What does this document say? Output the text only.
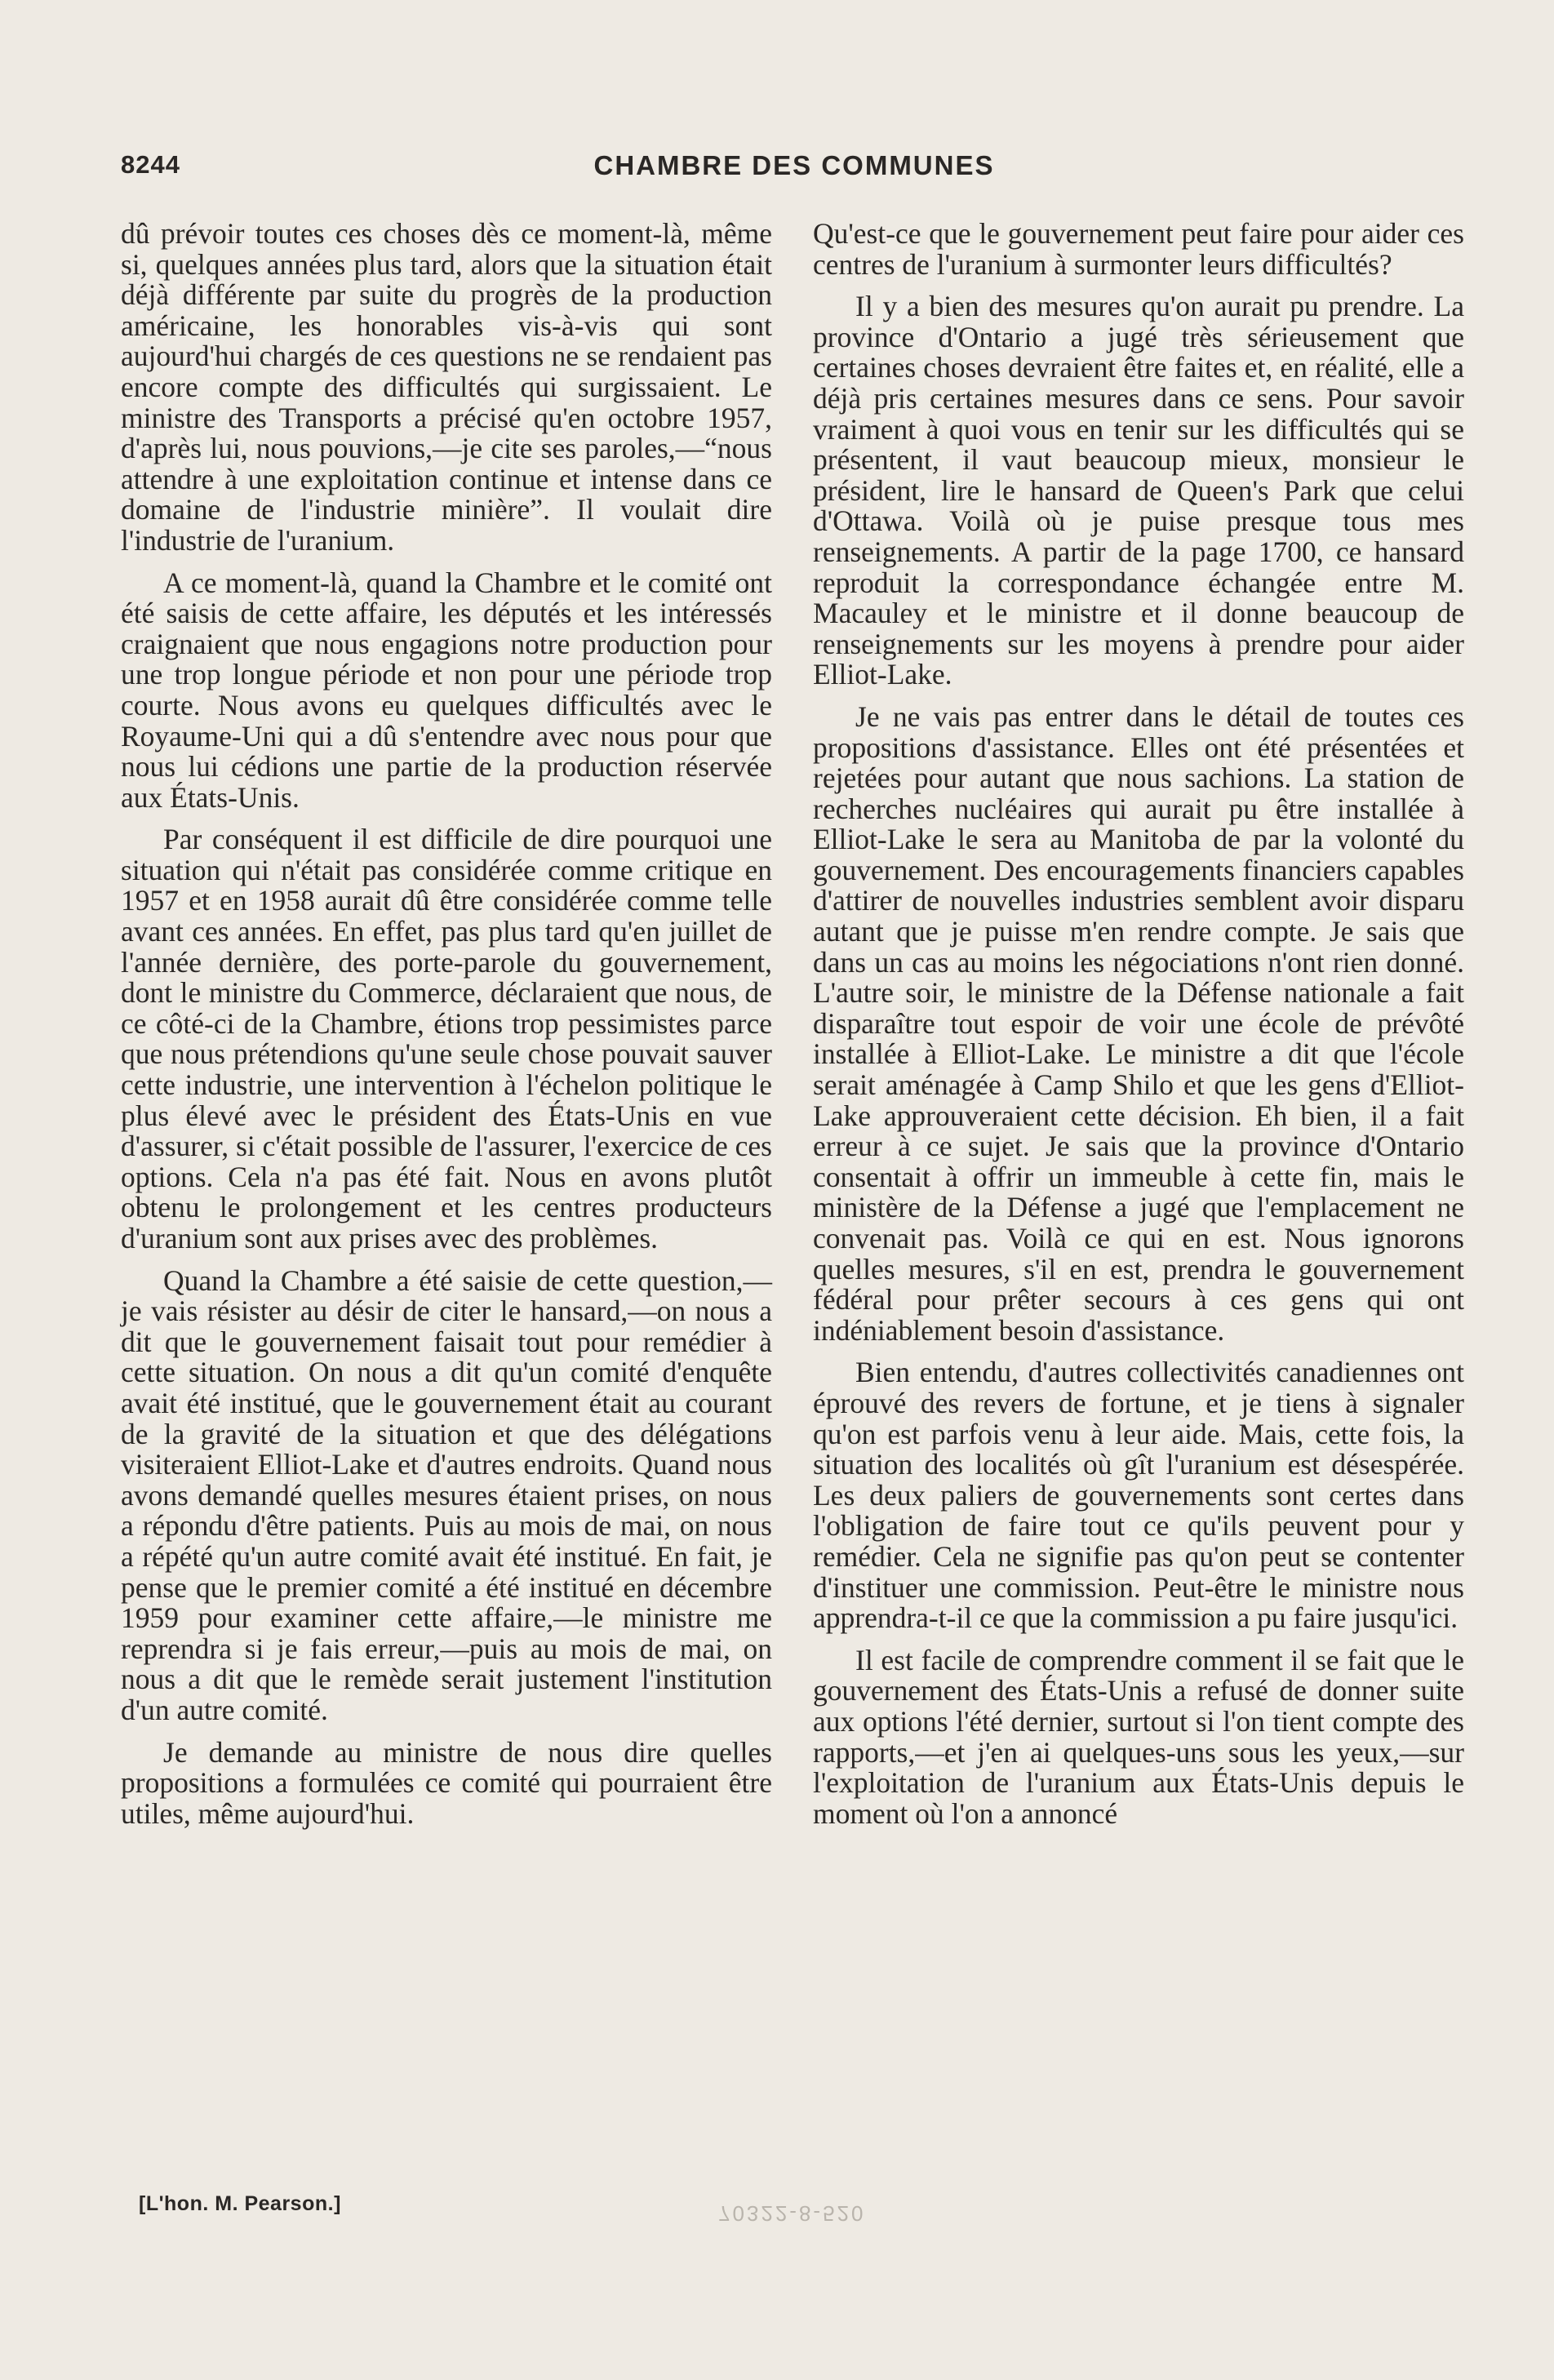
8244	CHAMBRE DES COMMUNES

dû prévoir toutes ces choses dès ce moment-là, même si, quelques années plus tard, alors que la situation était déjà différente par suite du progrès de la production américaine, les honorables vis-à-vis qui sont aujourd'hui chargés de ces questions ne se rendaient pas encore compte des difficultés qui surgissaient. Le ministre des Transports a précisé qu'en octobre 1957, d'après lui, nous pouvions,—je cite ses paroles,—“nous attendre à une exploitation continue et intense dans ce domaine de l'industrie minière”. Il voulait dire l'industrie de l'uranium.

A ce moment-là, quand la Chambre et le comité ont été saisis de cette affaire, les députés et les intéressés craignaient que nous engagions notre production pour une trop longue période et non pour une période trop courte. Nous avons eu quelques difficultés avec le Royaume-Uni qui a dû s'entendre avec nous pour que nous lui cédions une partie de la production réservée aux États-Unis.

Par conséquent il est difficile de dire pourquoi une situation qui n'était pas considérée comme critique en 1957 et en 1958 aurait dû être considérée comme telle avant ces années. En effet, pas plus tard qu'en juillet de l'année dernière, des porte-parole du gouvernement, dont le ministre du Commerce, déclaraient que nous, de ce côté-ci de la Chambre, étions trop pessimistes parce que nous prétendions qu'une seule chose pouvait sauver cette industrie, une intervention à l'échelon politique le plus élevé avec le président des États-Unis en vue d'assurer, si c'était possible de l'assurer, l'exercice de ces options. Cela n'a pas été fait. Nous en avons plutôt obtenu le prolongement et les centres producteurs d'uranium sont aux prises avec des problèmes.

Quand la Chambre a été saisie de cette question,—je vais résister au désir de citer le hansard,—on nous a dit que le gouvernement faisait tout pour remédier à cette situation. On nous a dit qu'un comité d'enquête avait été institué, que le gouvernement était au courant de la gravité de la situation et que des délégations visiteraient Elliot-Lake et d'autres endroits. Quand nous avons demandé quelles mesures étaient prises, on nous a répondu d'être patients. Puis au mois de mai, on nous a répété qu'un autre comité avait été institué. En fait, je pense que le premier comité a été institué en décembre 1959 pour examiner cette affaire,—le ministre me reprendra si je fais erreur,—puis au mois de mai, on nous a dit que le remède serait justement l'institution d'un autre comité.

Je demande au ministre de nous dire quelles propositions a formulées ce comité qui pourraient être utiles, même aujourd'hui.

Qu'est-ce que le gouvernement peut faire pour aider ces centres de l'uranium à surmonter leurs difficultés?

Il y a bien des mesures qu'on aurait pu prendre. La province d'Ontario a jugé très sérieusement que certaines choses devraient être faites et, en réalité, elle a déjà pris certaines mesures dans ce sens. Pour savoir vraiment à quoi vous en tenir sur les difficultés qui se présentent, il vaut beaucoup mieux, monsieur le président, lire le hansard de Queen's Park que celui d'Ottawa. Voilà où je puise presque tous mes renseignements. A partir de la page 1700, ce hansard reproduit la correspondance échangée entre M. Macauley et le ministre et il donne beaucoup de renseignements sur les moyens à prendre pour aider Elliot-Lake.

Je ne vais pas entrer dans le détail de toutes ces propositions d'assistance. Elles ont été présentées et rejetées pour autant que nous sachions. La station de recherches nucléaires qui aurait pu être installée à Elliot-Lake le sera au Manitoba de par la volonté du gouvernement. Des encouragements financiers capables d'attirer de nouvelles industries semblent avoir disparu autant que je puisse m'en rendre compte. Je sais que dans un cas au moins les négociations n'ont rien donné. L'autre soir, le ministre de la Défense nationale a fait disparaître tout espoir de voir une école de prévôté installée à Elliot-Lake. Le ministre a dit que l'école serait aménagée à Camp Shilo et que les gens d'Elliot-Lake approuveraient cette décision. Eh bien, il a fait erreur à ce sujet. Je sais que la province d'Ontario consentait à offrir un immeuble à cette fin, mais le ministère de la Défense a jugé que l'emplacement ne convenait pas. Voilà ce qui en est. Nous ignorons quelles mesures, s'il en est, prendra le gouvernement fédéral pour prêter secours à ces gens qui ont indéniablement besoin d'assistance.

Bien entendu, d'autres collectivités canadiennes ont éprouvé des revers de fortune, et je tiens à signaler qu'on est parfois venu à leur aide. Mais, cette fois, la situation des localités où gît l'uranium est désespérée. Les deux paliers de gouvernements sont certes dans l'obligation de faire tout ce qu'ils peuvent pour y remédier. Cela ne signifie pas qu'on peut se contenter d'instituer une commission. Peut-être le ministre nous apprendra-t-il ce que la commission a pu faire jusqu'ici.

Il est facile de comprendre comment il se fait que le gouvernement des États-Unis a refusé de donner suite aux options l'été dernier, surtout si l'on tient compte des rapports,—et j'en ai quelques-uns sous les yeux,—sur l'exploitation de l'uranium aux États-Unis depuis le moment où l'on a annoncé

[L'hon. M. Pearson.]	70322-8-520
